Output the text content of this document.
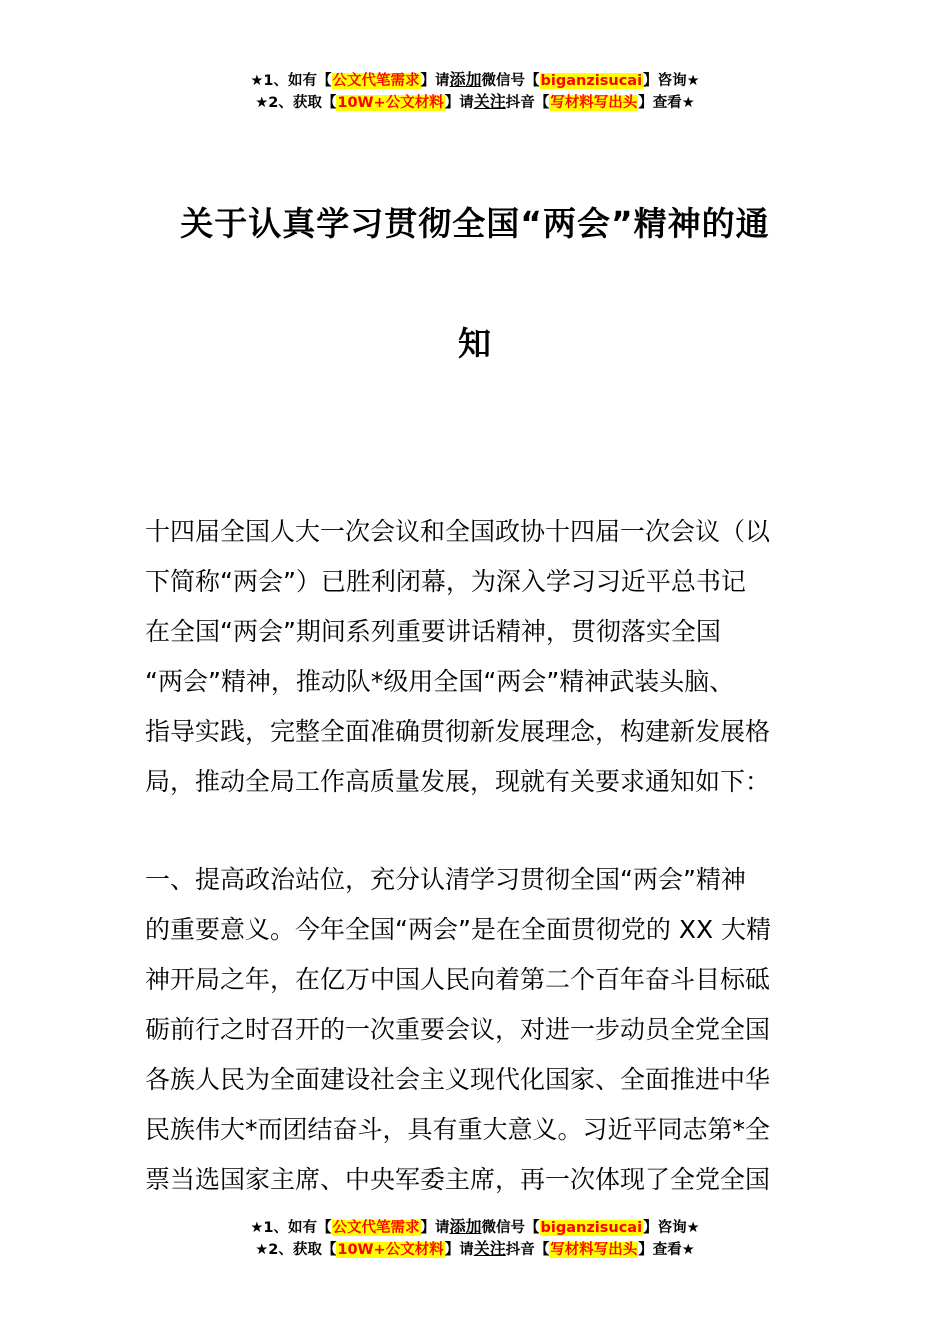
★1、如有【公文代笔需求】请添加微信号【biganzisucai】咨询★
★2、获取【10W+公文材料】请关注抖音【写材料写出头】查看★
关于认真学习贯彻全国“两会”精神的通
知
十四届全国人大一次会议和全国政协十四届一次会议（以
下简称“两会”）已胜利闭幕，为深入学习习近平总书记
在全国“两会”期间系列重要讲话精神，贯彻落实全国
“两会”精神，推动队*级用全国“两会”精神武装头脑、
指导实践，完整全面准确贯彻新发展理念，构建新发展格
局，推动全局工作高质量发展，现就有关要求通知如下：
一、提高政治站位，充分认清学习贯彻全国“两会”精神
的重要意义。今年全国“两会”是在全面贯彻党的 XX 大精
神开局之年，在亿万中国人民向着第二个百年奋斗目标砥
砺前行之时召开的一次重要会议，对进一步动员全党全国
各族人民为全面建设社会主义现代化国家、全面推进中华
民族伟大*而团结奋斗，具有重大意义。习近平同志第*全
票当选国家主席、中央军委主席，再一次体现了全党全国
★1、如有【公文代笔需求】请添加微信号【biganzisucai】咨询★
★2、获取【10W+公文材料】请关注抖音【写材料写出头】查看★
